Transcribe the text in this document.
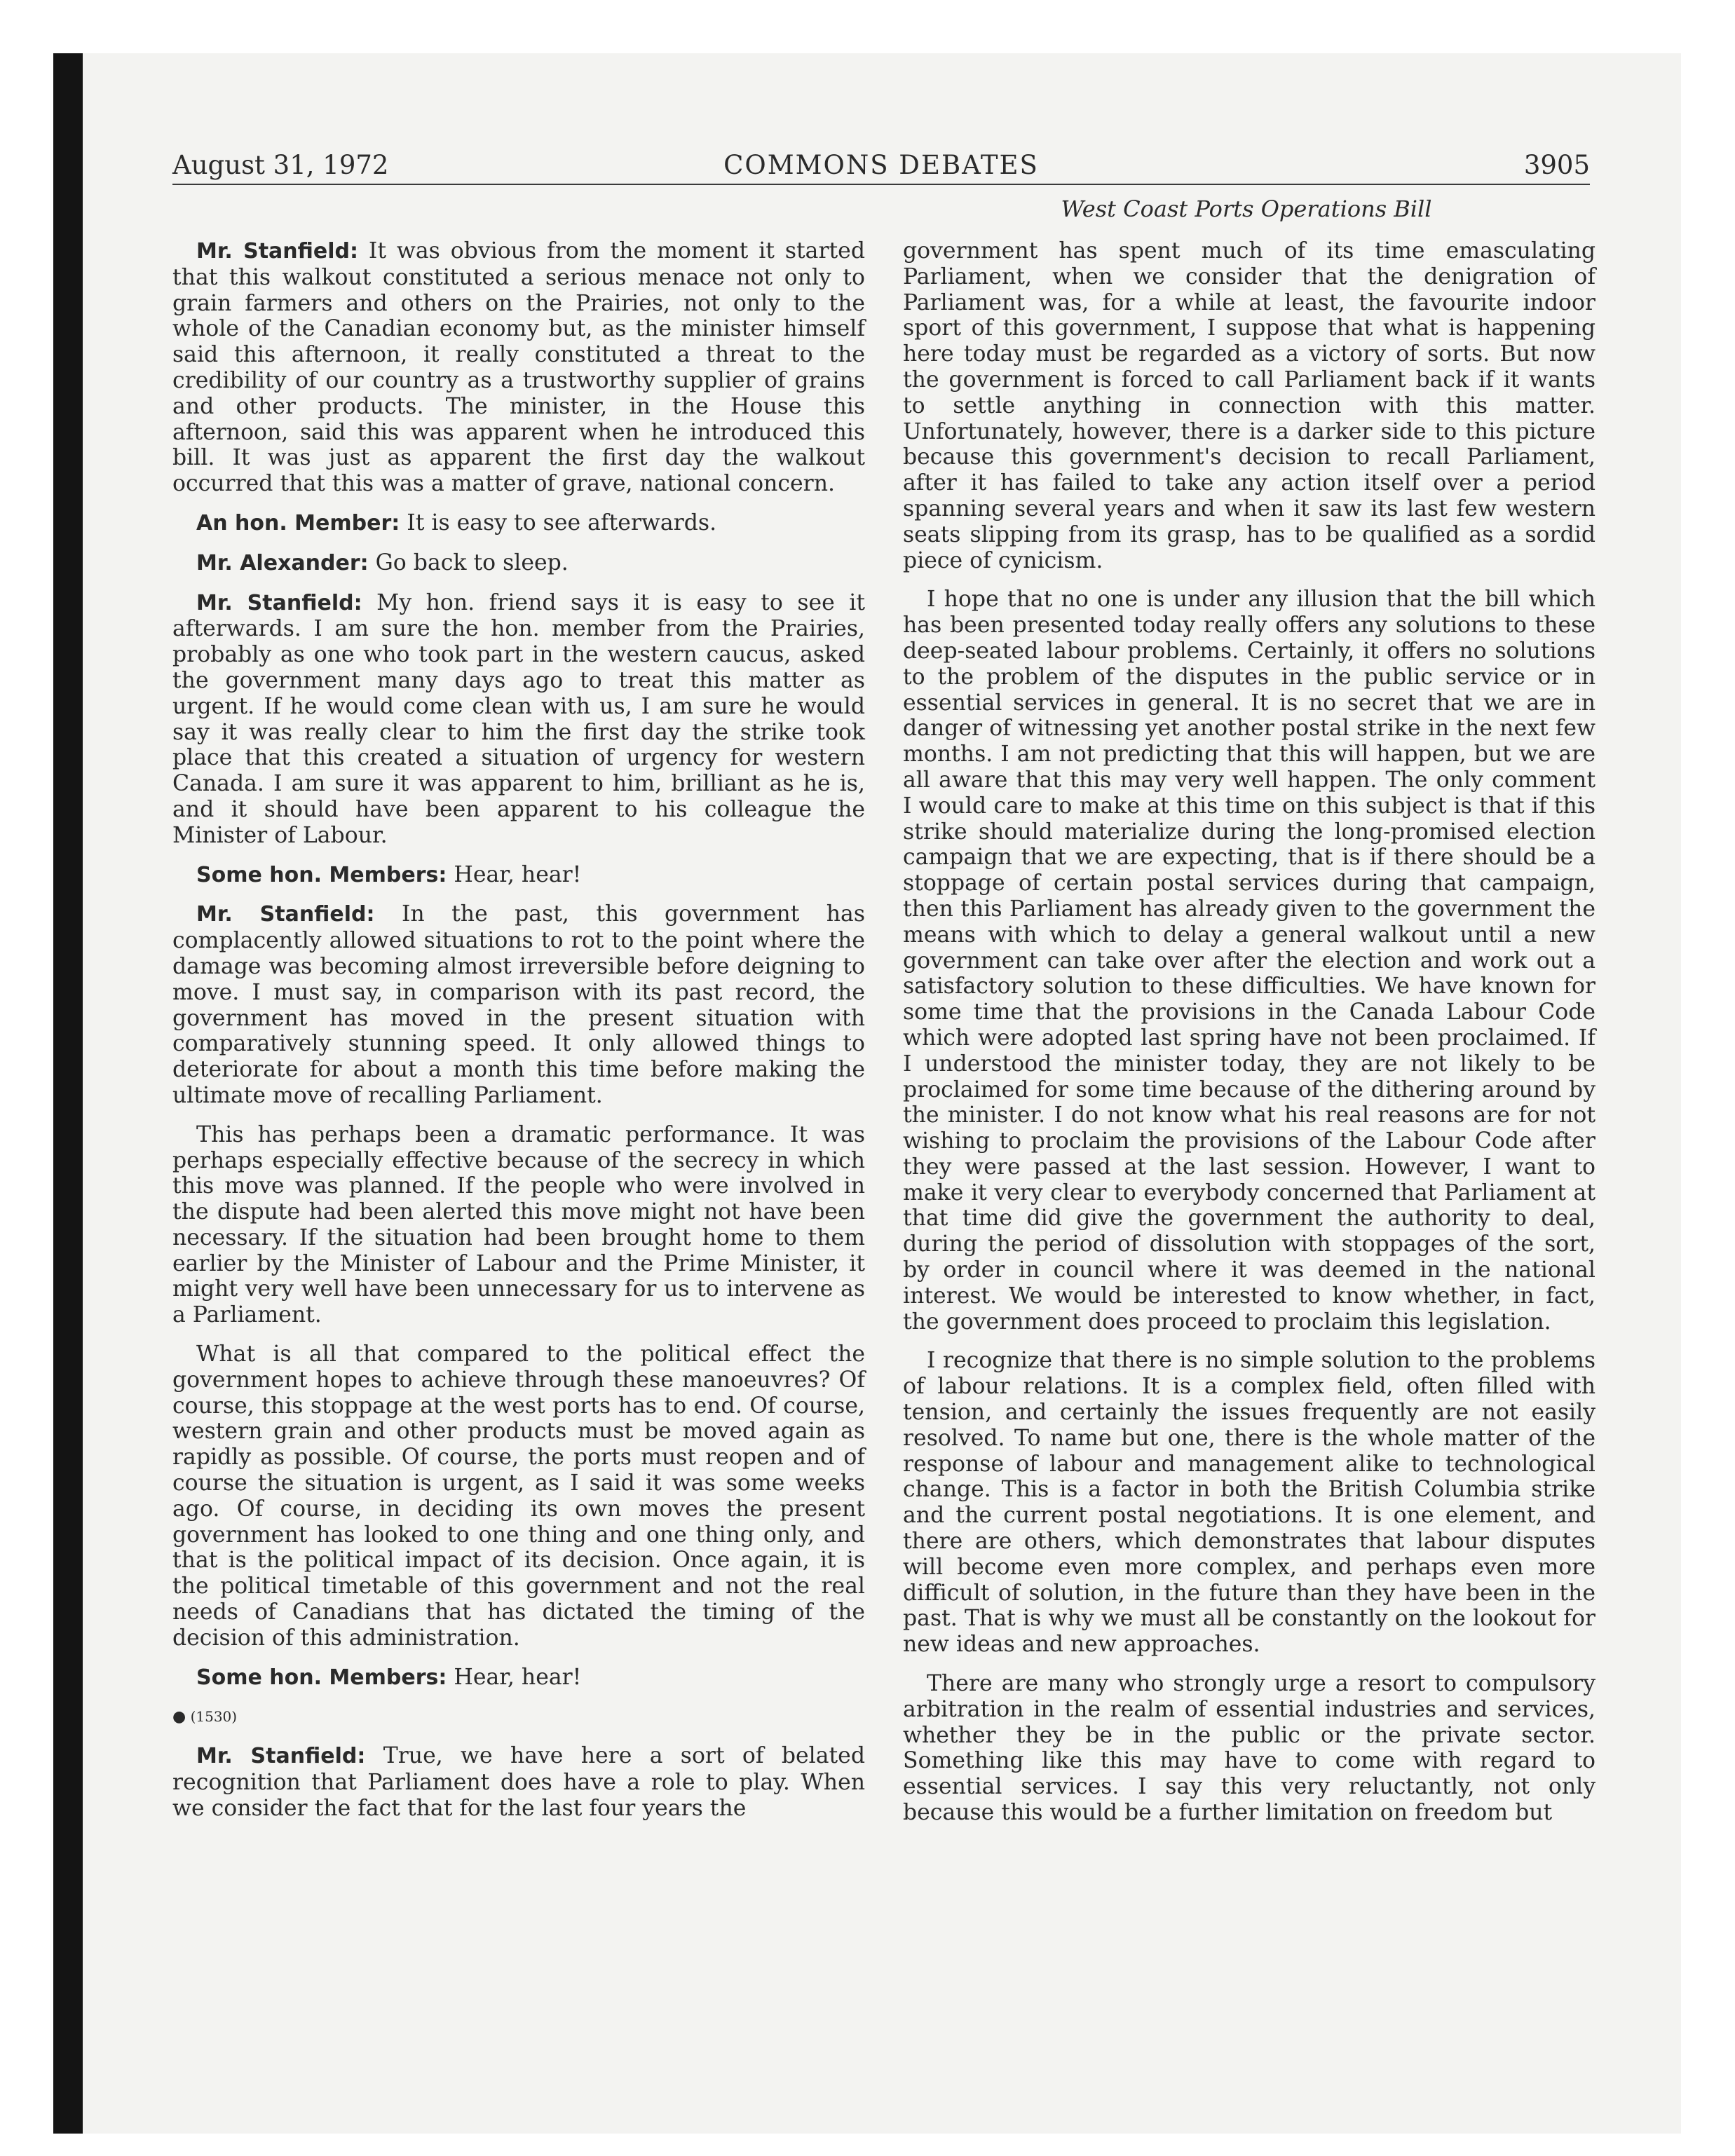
August 31, 1972	COMMONS DEBATES	3905
West Coast Ports Operations Bill

Mr. Stanfield: It was obvious from the moment it started that this walkout constituted a serious menace not only to grain farmers and others on the Prairies, not only to the whole of the Canadian economy but, as the minister himself said this afternoon, it really constituted a threat to the credibility of our country as a trustworthy supplier of grains and other products. The minister, in the House this afternoon, said this was apparent when he introduced this bill. It was just as apparent the first day the walkout occurred that this was a matter of grave, national concern.

An hon. Member: It is easy to see afterwards.

Mr. Alexander: Go back to sleep.

Mr. Stanfield: My hon. friend says it is easy to see it afterwards. I am sure the hon. member from the Prairies, probably as one who took part in the western caucus, asked the government many days ago to treat this matter as urgent. If he would come clean with us, I am sure he would say it was really clear to him the first day the strike took place that this created a situation of urgency for western Canada. I am sure it was apparent to him, brilliant as he is, and it should have been apparent to his colleague the Minister of Labour.

Some hon. Members: Hear, hear!

Mr. Stanfield: In the past, this government has complacently allowed situations to rot to the point where the damage was becoming almost irreversible before deigning to move. I must say, in comparison with its past record, the government has moved in the present situation with comparatively stunning speed. It only allowed things to deteriorate for about a month this time before making the ultimate move of recalling Parliament.

This has perhaps been a dramatic performance. It was perhaps especially effective because of the secrecy in which this move was planned. If the people who were involved in the dispute had been alerted this move might not have been necessary. If the situation had been brought home to them earlier by the Minister of Labour and the Prime Minister, it might very well have been unnecessary for us to intervene as a Parliament.

What is all that compared to the political effect the government hopes to achieve through these manoeuvres? Of course, this stoppage at the west ports has to end. Of course, western grain and other products must be moved again as rapidly as possible. Of course, the ports must reopen and of course the situation is urgent, as I said it was some weeks ago. Of course, in deciding its own moves the present government has looked to one thing and one thing only, and that is the political impact of its decision. Once again, it is the political timetable of this government and not the real needs of Canadians that has dictated the timing of the decision of this administration.

Some hon. Members: Hear, hear!

● (1530)

Mr. Stanfield: True, we have here a sort of belated recognition that Parliament does have a role to play. When we consider the fact that for the last four years the

government has spent much of its time emasculating Parliament, when we consider that the denigration of Parliament was, for a while at least, the favourite indoor sport of this government, I suppose that what is happening here today must be regarded as a victory of sorts. But now the government is forced to call Parliament back if it wants to settle anything in connection with this matter. Unfortunately, however, there is a darker side to this picture because this government's decision to recall Parliament, after it has failed to take any action itself over a period spanning several years and when it saw its last few western seats slipping from its grasp, has to be qualified as a sordid piece of cynicism.

I hope that no one is under any illusion that the bill which has been presented today really offers any solutions to these deep-seated labour problems. Certainly, it offers no solutions to the problem of the disputes in the public service or in essential services in general. It is no secret that we are in danger of witnessing yet another postal strike in the next few months. I am not predicting that this will happen, but we are all aware that this may very well happen. The only comment I would care to make at this time on this subject is that if this strike should materialize during the long-promised election campaign that we are expecting, that is if there should be a stoppage of certain postal services during that campaign, then this Parliament has already given to the government the means with which to delay a general walkout until a new government can take over after the election and work out a satisfactory solution to these difficulties. We have known for some time that the provisions in the Canada Labour Code which were adopted last spring have not been proclaimed. If I understood the minister today, they are not likely to be proclaimed for some time because of the dithering around by the minister. I do not know what his real reasons are for not wishing to proclaim the provisions of the Labour Code after they were passed at the last session. However, I want to make it very clear to everybody concerned that Parliament at that time did give the government the authority to deal, during the period of dissolution with stoppages of the sort, by order in council where it was deemed in the national interest. We would be interested to know whether, in fact, the government does proceed to proclaim this legislation.

I recognize that there is no simple solution to the problems of labour relations. It is a complex field, often filled with tension, and certainly the issues frequently are not easily resolved. To name but one, there is the whole matter of the response of labour and management alike to technological change. This is a factor in both the British Columbia strike and the current postal negotiations. It is one element, and there are others, which demonstrates that labour disputes will become even more complex, and perhaps even more difficult of solution, in the future than they have been in the past. That is why we must all be constantly on the lookout for new ideas and new approaches.

There are many who strongly urge a resort to compulsory arbitration in the realm of essential industries and services, whether they be in the public or the private sector. Something like this may have to come with regard to essential services. I say this very reluctantly, not only because this would be a further limitation on freedom but
